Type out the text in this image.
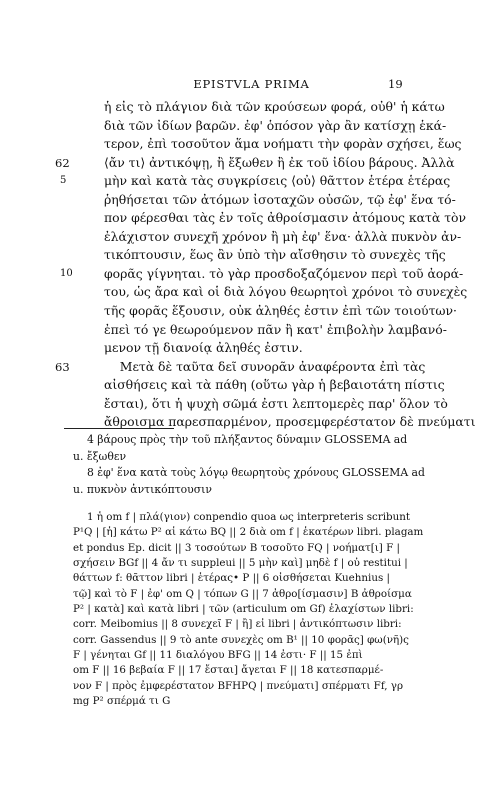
EPISTVLA PRIMA	19
ἡ εἰς τὸ πλάγιον διὰ τῶν κρούσεων φορά, οὐθ' ἡ κάτω
διὰ τῶν ἰδίων βαρῶν. ἐφ' ὁπόσον γὰρ ἂν κατίσχῃ ἑκά-
τερον, ἐπὶ τοσοῦτον ἅμα νοήματι τὴν φορὰν σχήσει, ἕως
62	⟨ἄν τι⟩ ἀντικόψῃ, ἢ ἔξωθεν ἢ ἐκ τοῦ ἰδίου βάρους. Ἀλλὰ
5	μὴν καὶ κατὰ τὰς συγκρίσεις ⟨οὐ⟩ θᾶττον ἑτέρα ἑτέρας
ῥηθήσεται τῶν ἀτόμων ἰσοταχῶν οὐσῶν, τῷ ἐφ' ἕνα τό-
πον φέρεσθαι τὰς ἐν τοῖς ἀθροίσμασιν ἀτόμους κατὰ τὸν
ἐλάχιστον συνεχῆ χρόνον ἢ μὴ ἐφ' ἕνα· ἀλλὰ πυκνὸν ἀν-
τικόπτουσιν, ἕως ἂν ὑπὸ τὴν αἴσθησιν τὸ συνεχὲς τῆς
10	φορᾶς γίγνηται. τὸ γὰρ προσδοξαζόμενον περὶ τοῦ ἀορά-
του, ὡς ἄρα καὶ οἱ διὰ λόγου θεωρητοὶ χρόνοι τὸ συνεχὲς
τῆς φορᾶς ἕξουσιν, οὐκ ἀληθές ἐστιν ἐπὶ τῶν τοιούτων·
ἐπεὶ τό γε θεωρούμενον πᾶν ἢ κατ' ἐπιβολὴν λαμβανό-
μενον τῇ διανοίᾳ ἀληθές ἐστιν.
63	Μετὰ δὲ ταῦτα δεῖ συνορᾶν ἀναφέροντα ἐπὶ τὰς
αἰσθήσεις καὶ τὰ πάθη (οὕτω γὰρ ἡ βεβαιοτάτη πίστις
ἔσται), ὅτι ἡ ψυχὴ σῶμά ἐστι λεπτομερὲς παρ' ὅλον τὸ
ἄθροισμα παρεσπαρμένον, προσεμφερέστατον δὲ πνεύματι
4 βάρους πρὸς τὴν τοῦ πλήξαντος δύναμιν GLOSSEMA ad
u. ἔξωθεν
8 ἐφ' ἕνα κατὰ τοὺς λόγῳ θεωρητοὺς χρόνους GLOSSEMA ad
u. πυκνὸν ἀντικόπτουσιν
1 ἡ om f | πλά(γιον) conpendio quoa ως interpreteris scribunt
P¹Q | [ἡ] κάτω P² αἱ κάτω BQ || 2 διὰ om f | ἑκατέρων libri. plagam
et pondus Ep. dicit || 3 τοσούτων B τοσοῦτο FQ | νοήματ[ι] F |
σχήσειν BGf || 4 ἄν τι suppleui || 5 μὴν καὶ] μηδὲ f | οὐ restitui |
θάττων f: θᾶττον libri | ἑτέρας• P || 6 οἰσθήσεται Kuehnius |
τῷ] καὶ τὸ F | ἐφ' om Q | τόπων G || 7 ἀθρο[ίσμασιν] B ἀθροίσμα
P² | κατὰ] καὶ κατὰ libri | τῶν (articulum om Gf) ἐλαχίστων libri:
corr. Meibomius || 8 συνεχεῖ F | ἢ] εἰ libri | ἀντικόπτωσιν libri:
corr. Gassendus || 9 τὸ ante συνεχὲς om B¹ || 10 φορᾶς] φω(νῆ)ς
F | γένηται Gf || 11 διαλόγου BFG || 14 ἐστι· F || 15 ἐπὶ
om F || 16 βεβαία F || 17 ἔσται] ἄγεται F || 18 κατεσπαρμέ-
νον F | πρὸς ἐμφερέστατον BFHPQ | πνεύματι] σπέρματι Ff, γρ
mg P² σπέρμά τι G
